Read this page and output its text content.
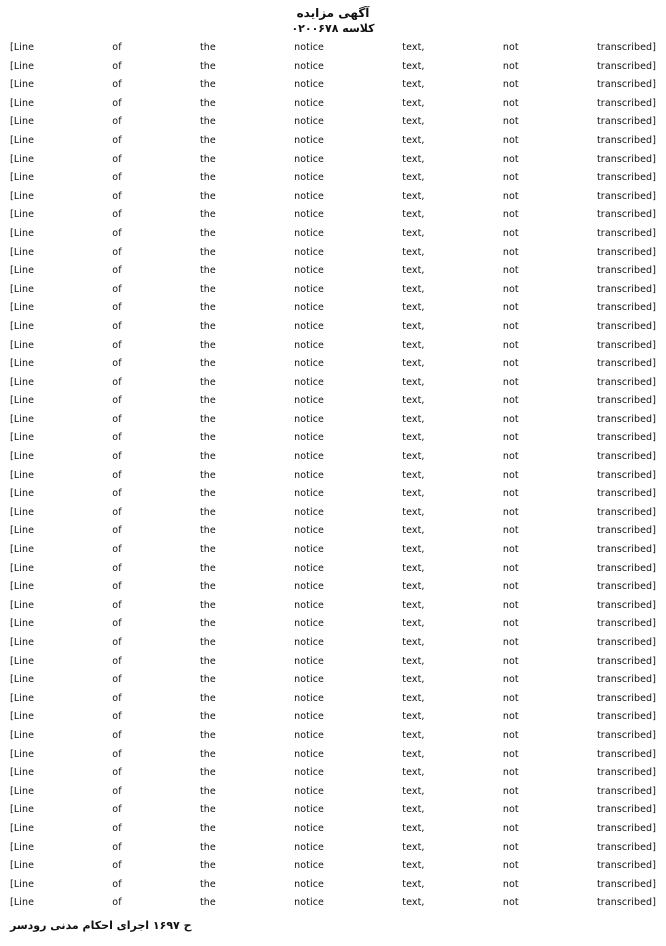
آگهی مزایده
کلاسه ۰۲۰۰۶۷۸
[Line of the notice text, not transcribed]
[Line of the notice text, not transcribed]
[Line of the notice text, not transcribed]
[Line of the notice text, not transcribed]
[Line of the notice text, not transcribed]
[Line of the notice text, not transcribed]
[Line of the notice text, not transcribed]
[Line of the notice text, not transcribed]
[Line of the notice text, not transcribed]
[Line of the notice text, not transcribed]
[Line of the notice text, not transcribed]
[Line of the notice text, not transcribed]
[Line of the notice text, not transcribed]
[Line of the notice text, not transcribed]
[Line of the notice text, not transcribed]
[Line of the notice text, not transcribed]
[Line of the notice text, not transcribed]
[Line of the notice text, not transcribed]
[Line of the notice text, not transcribed]
[Line of the notice text, not transcribed]
[Line of the notice text, not transcribed]
[Line of the notice text, not transcribed]
[Line of the notice text, not transcribed]
[Line of the notice text, not transcribed]
[Line of the notice text, not transcribed]
[Line of the notice text, not transcribed]
[Line of the notice text, not transcribed]
[Line of the notice text, not transcribed]
[Line of the notice text, not transcribed]
[Line of the notice text, not transcribed]
[Line of the notice text, not transcribed]
[Line of the notice text, not transcribed]
[Line of the notice text, not transcribed]
[Line of the notice text, not transcribed]
[Line of the notice text, not transcribed]
[Line of the notice text, not transcribed]
[Line of the notice text, not transcribed]
[Line of the notice text, not transcribed]
[Line of the notice text, not transcribed]
[Line of the notice text, not transcribed]
[Line of the notice text, not transcribed]
[Line of the notice text, not transcribed]
[Line of the notice text, not transcribed]
[Line of the notice text, not transcribed]
[Line of the notice text, not transcribed]
[Line of the notice text, not transcribed]
[Line of the notice text, not transcribed]
ح ۱۶۹۷ اجرای احکام مدنی رودسر
